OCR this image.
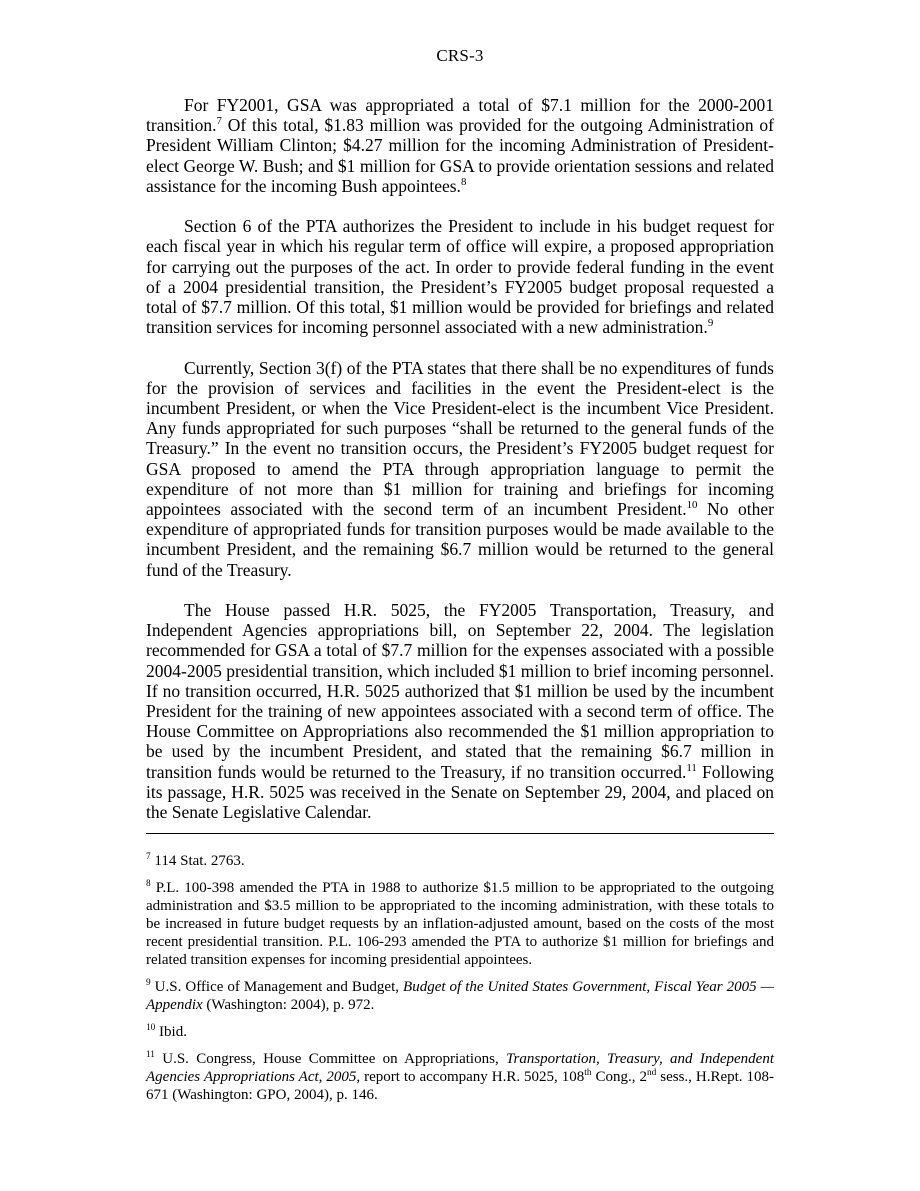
CRS-3

For FY2001, GSA was appropriated a total of $7.1 million for the 2000-2001 transition.$^7$ Of this total, $1.83 million was provided for the outgoing Administration of President William Clinton; $4.27 million for the incoming Administration of President-elect George W. Bush; and $1 million for GSA to provide orientation sessions and related assistance for the incoming Bush appointees.$^8$

Section 6 of the PTA authorizes the President to include in his budget request for each fiscal year in which his regular term of office will expire, a proposed appropriation for carrying out the purposes of the act. In order to provide federal funding in the event of a 2004 presidential transition, the President’s FY2005 budget proposal requested a total of $7.7 million. Of this total, $1 million would be provided for briefings and related transition services for incoming personnel associated with a new administration.$^9$

Currently, Section 3(f) of the PTA states that there shall be no expenditures of funds for the provision of services and facilities in the event the President-elect is the incumbent President, or when the Vice President-elect is the incumbent Vice President. Any funds appropriated for such purposes “shall be returned to the general funds of the Treasury.” In the event no transition occurs, the President’s FY2005 budget request for GSA proposed to amend the PTA through appropriation language to permit the expenditure of not more than $1 million for training and briefings for incoming appointees associated with the second term of an incumbent President.$^{10}$ No other expenditure of appropriated funds for transition purposes would be made available to the incumbent President, and the remaining $6.7 million would be returned to the general fund of the Treasury.

The House passed H.R. 5025, the FY2005 Transportation, Treasury, and Independent Agencies appropriations bill, on September 22, 2004. The legislation recommended for GSA a total of $7.7 million for the expenses associated with a possible 2004-2005 presidential transition, which included $1 million to brief incoming personnel. If no transition occurred, H.R. 5025 authorized that $1 million be used by the incumbent President for the training of new appointees associated with a second term of office. The House Committee on Appropriations also recommended the $1 million appropriation to be used by the incumbent President, and stated that the remaining $6.7 million in transition funds would be returned to the Treasury, if no transition occurred.$^{11}$ Following its passage, H.R. 5025 was received in the Senate on September 29, 2004, and placed on the Senate Legislative Calendar.

$^7$ 114 Stat. 2763.

$^8$ P.L. 100-398 amended the PTA in 1988 to authorize $1.5 million to be appropriated to the outgoing administration and $3.5 million to be appropriated to the incoming administration, with these totals to be increased in future budget requests by an inflation-adjusted amount, based on the costs of the most recent presidential transition. P.L. 106-293 amended the PTA to authorize $1 million for briefings and related transition expenses for incoming presidential appointees.

$^9$ U.S. Office of Management and Budget, Budget of the United States Government, Fiscal Year 2005 — Appendix (Washington: 2004), p. 972.

$^{10}$ Ibid.

$^{11}$ U.S. Congress, House Committee on Appropriations, Transportation, Treasury, and Independent Agencies Appropriations Act, 2005, report to accompany H.R. 5025, 108th Cong., 2nd sess., H.Rept. 108-671 (Washington: GPO, 2004), p. 146.
